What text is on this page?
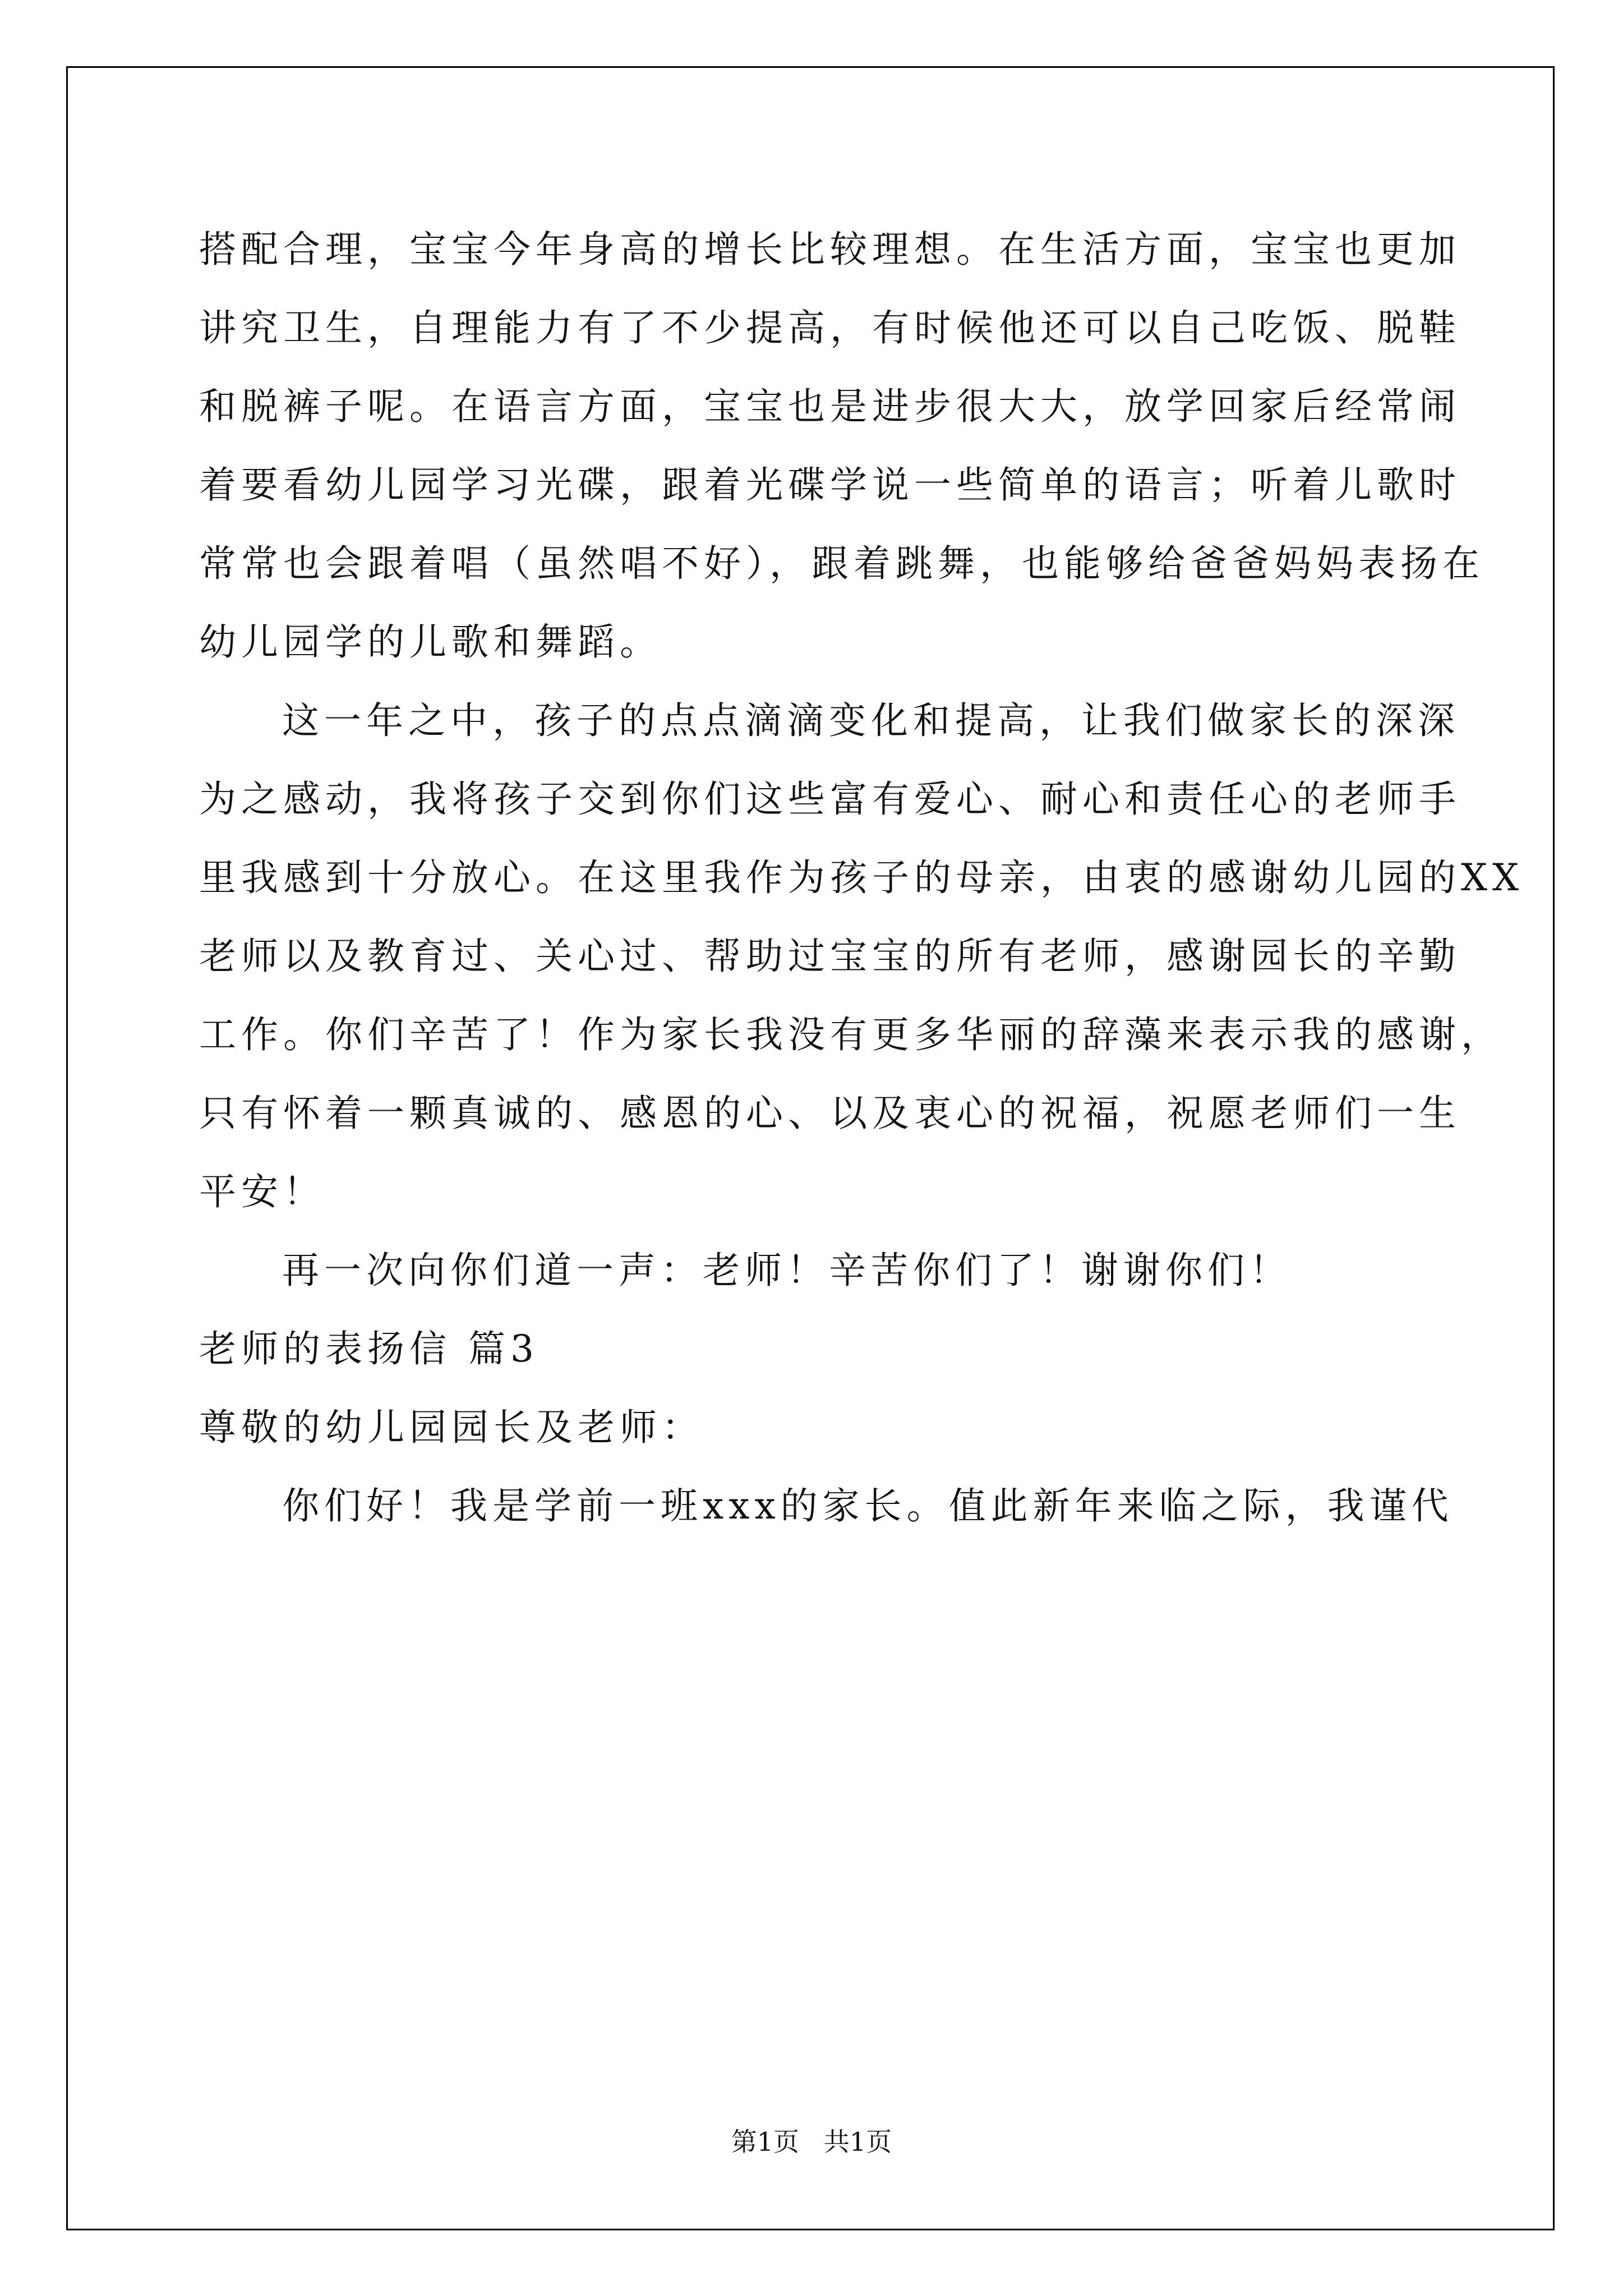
搭配合理，宝宝今年身高的增长比较理想。在生活方面，宝宝也更加
讲究卫生，自理能力有了不少提高，有时候他还可以自己吃饭、脱鞋
和脱裤子呢。在语言方面，宝宝也是进步很大大，放学回家后经常闹
着要看幼儿园学习光碟，跟着光碟学说一些简单的语言；听着儿歌时
常常也会跟着唱（虽然唱不好），跟着跳舞，也能够给爸爸妈妈表扬在
幼儿园学的儿歌和舞蹈。
这一年之中，孩子的点点滴滴变化和提高，让我们做家长的深深
为之感动，我将孩子交到你们这些富有爱心、耐心和责任心的老师手
里我感到十分放心。在这里我作为孩子的母亲，由衷的感谢幼儿园的XX
老师以及教育过、关心过、帮助过宝宝的所有老师，感谢园长的辛勤
工作。你们辛苦了！作为家长我没有更多华丽的辞藻来表示我的感谢，
只有怀着一颗真诚的、感恩的心、以及衷心的祝福，祝愿老师们一生
平安！
再一次向你们道一声：老师！辛苦你们了！谢谢你们！
老师的表扬信 篇3
尊敬的幼儿园园长及老师：
你们好！我是学前一班xxx的家长。值此新年来临之际，我谨代
第1页   共1页
